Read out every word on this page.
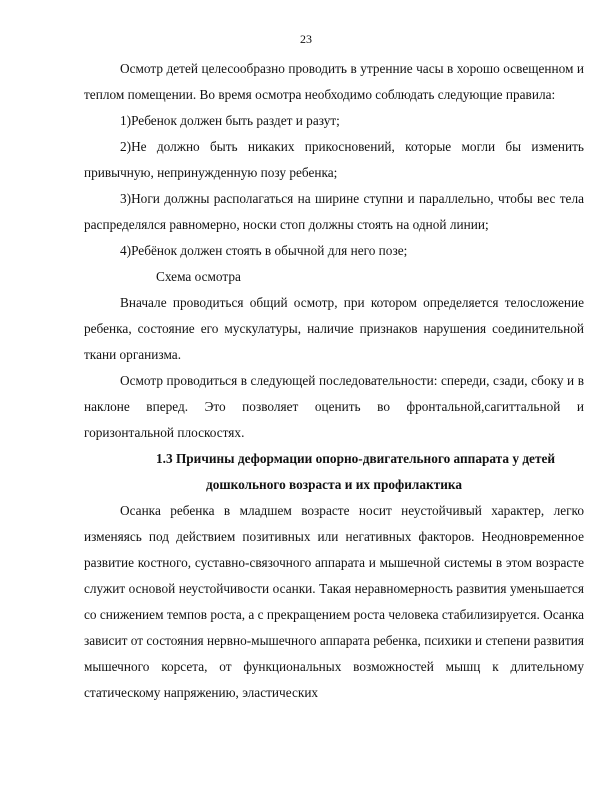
23

Осмотр детей целесообразно проводить в утренние часы в хорошо освещенном и теплом помещении. Во время осмотра необходимо соблюдать следующие правила:

1)Ребенок должен быть раздет и разут;

2)Не должно быть никаких прикосновений, которые могли бы изменить привычную, непринужденную позу ребенка;

3)Ноги должны располагаться на ширине ступни и параллельно, чтобы вес тела распределялся равномерно, носки стоп должны стоять на одной линии;

4)Ребёнок должен стоять в обычной для него позе;

Схема осмотра

Вначале проводиться общий осмотр, при котором определяется телосложение ребенка, состояние его мускулатуры, наличие признаков нарушения соединительной ткани организма.

Осмотр проводиться в следующей последовательности: спереди, сзади, сбоку и в наклоне вперед. Это позволяет оценить во фронтальной,сагиттальной и горизонтальной плоскостях.

1.3 Причины деформации опорно-двигательного аппарата у детей

дошкольного возраста и их профилактика

Осанка ребенка в младшем возрасте носит неустойчивый характер, легко изменяясь под действием позитивных или негативных факторов. Неодновременное развитие костного, суставно-связочного аппарата и мышечной системы в этом возрасте служит основой неустойчивости осанки. Такая неравномерность развития уменьшается со снижением темпов роста, а с прекращением роста человека стабилизируется. Осанка зависит от состояния нервно-мышечного аппарата ребенка, психики и степени развития мышечного корсета, от функциональных возможностей мышц к длительному статическому напряжению, эластических
